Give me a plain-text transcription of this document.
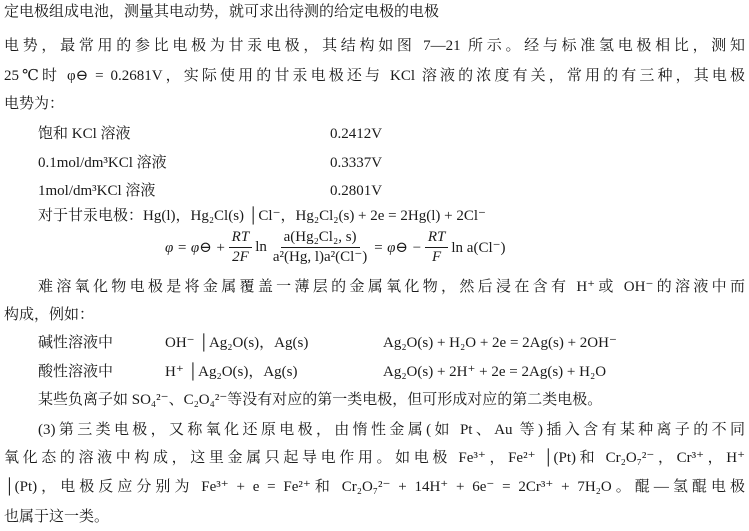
定电极组成电池，测量其电动势，就可求出待测的给定电极的电极
电势，最常用的参比电极为甘汞电极，其结构如图 7—21 所示。经与标准氢电极相比，测知
25℃时 φ⊖ = 0.2681V，实际使用的甘汞电极还与 KCl 溶液的浓度有关，常用的有三种，其电极
电势为：
饱和 KCl 溶液	0.2412V
0.1mol/dm³KCl 溶液	0.3337V
1mol/dm³KCl 溶液	0.2801V
对于甘汞电极：Hg(l)，Hg₂Cl(s) │Cl⁻，Hg₂Cl₂(s) + 2e = 2Hg(l) + 2Cl⁻
φ = φ⊖ + $\frac{RT}{2F}$ $\ln \frac{\text{a(Hg₂Cl₂, s)}}{\text{a²(Hg, l)a²(Cl⁻)}}$ = φ⊖ − $\frac{RT}{F}$ ln a(Cl⁻)
难溶氧化物电极是将金属覆盖一薄层的金属氧化物，然后浸在含有 H⁺或 OH⁻的溶液中而
构成，例如：
碱性溶液中	OH⁻ │Ag₂O(s)，Ag(s)	Ag₂O(s) + H₂O + 2e = 2Ag(s) + 2OH⁻
酸性溶液中	H⁺ │Ag₂O(s)，Ag(s)	Ag₂O(s) + 2H⁺ + 2e = 2Ag(s) + H₂O
某些负离子如 SO₄²⁻、C₂O₄²⁻等没有对应的第一类电极，但可形成对应的第二类电极。
(3)第三类电极，又称氧化还原电极，由惰性金属(如 Pt、Au 等)插入含有某种离子的不同
氧化态的溶液中构成，这里金属只起导电作用。如电极 Fe³⁺，Fe²⁺ │(Pt)和 Cr₂O₇²⁻，Cr³⁺，H⁺
│(Pt)，电极反应分别为 Fe³⁺ + e = Fe²⁺和 Cr₂O₇²⁻ + 14H⁺ + 6e⁻ = 2Cr³⁺ + 7H₂O。醌—氢醌电极
也属于这一类。
